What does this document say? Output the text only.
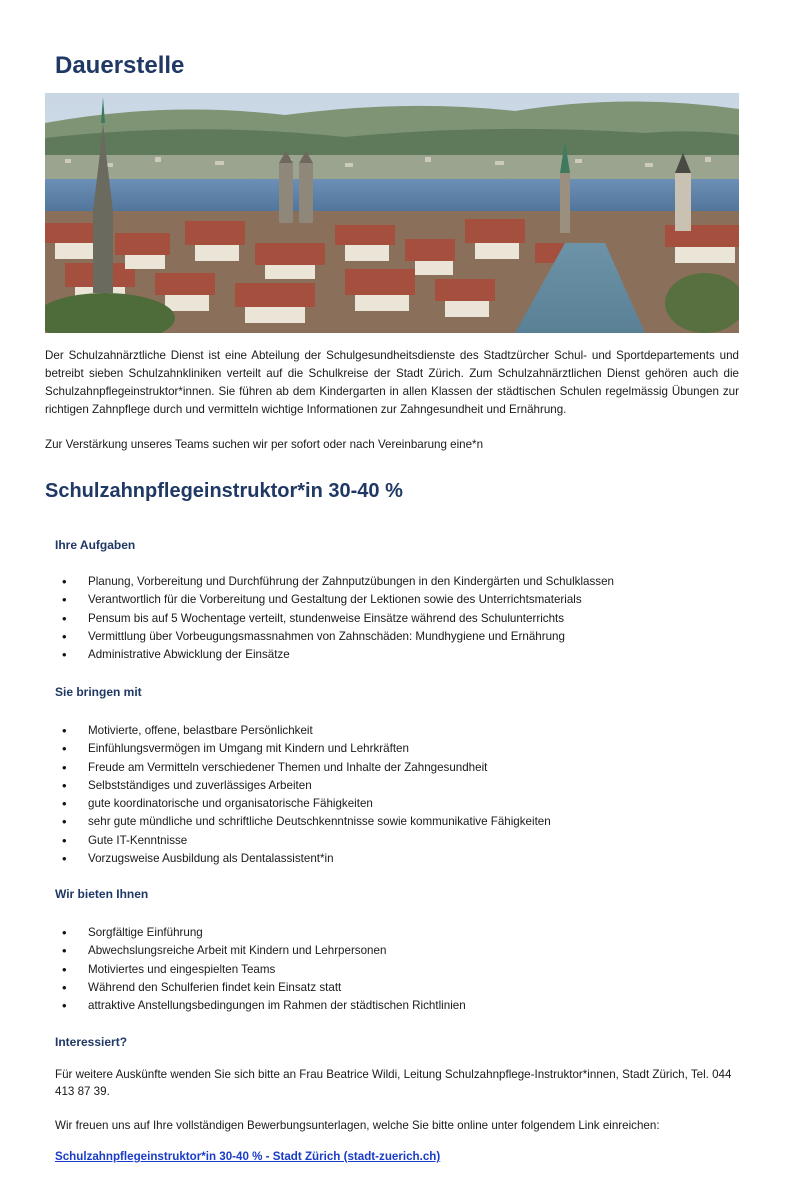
Dauerstelle

Der Schulzahnärztliche Dienst ist eine Abteilung der Schulgesundheitsdienste des Stadtzürcher Schul- und Sportdepartements und betreibt sieben Schulzahnkliniken verteilt auf die Schulkreise der Stadt Zürich. Zum Schulzahnärztlichen Dienst gehören auch die Schulzahnpflegeinstruktor*innen. Sie führen ab dem Kindergarten in allen Klassen der städtischen Schulen regelmässig Übungen zur richtigen Zahnpflege durch und vermitteln wichtige Informationen zur Zahngesundheit und Ernährung.

Zur Verstärkung unseres Teams suchen wir per sofort oder nach Vereinbarung eine*n

Schulzahnpflegeinstruktor*in 30-40 %
Ihre Aufgaben
• Planung, Vorbereitung und Durchführung der Zahnputzübungen in den Kindergärten und Schulklassen
• Verantwortlich für die Vorbereitung und Gestaltung der Lektionen sowie des Unterrichtsmaterials
• Pensum bis auf 5 Wochentage verteilt, stundenweise Einsätze während des Schulunterrichts
• Vermittlung über Vorbeugungsmassnahmen von Zahnschäden: Mundhygiene und Ernährung
• Administrative Abwicklung der Einsätze
Sie bringen mit
• Motivierte, offene, belastbare Persönlichkeit
• Einfühlungsvermögen im Umgang mit Kindern und Lehrkräften
• Freude am Vermitteln verschiedener Themen und Inhalte der Zahngesundheit
• Selbstständiges und zuverlässiges Arbeiten
• gute koordinatorische und organisatorische Fähigkeiten
• sehr gute mündliche und schriftliche Deutschkenntnisse sowie kommunikative Fähigkeiten
• Gute IT-Kenntnisse
• Vorzugsweise Ausbildung als Dentalassistent*in
Wir bieten Ihnen
• Sorgfältige Einführung
• Abwechslungsreiche Arbeit mit Kindern und Lehrpersonen
• Motiviertes und eingespielten Teams
• Während den Schulferien findet kein Einsatz statt
• attraktive Anstellungsbedingungen im Rahmen der städtischen Richtlinien
Interessiert?

Für weitere Auskünfte wenden Sie sich bitte an Frau Beatrice Wildi, Leitung Schulzahnpflege-Instruktor*innen, Stadt Zürich, Tel. 044 413 87 39.

Wir freuen uns auf Ihre vollständigen Bewerbungsunterlagen, welche Sie bitte online unter folgendem Link einreichen:

Schulzahnpflegeinstruktor*in 30-40 % - Stadt Zürich (stadt-zuerich.ch)
